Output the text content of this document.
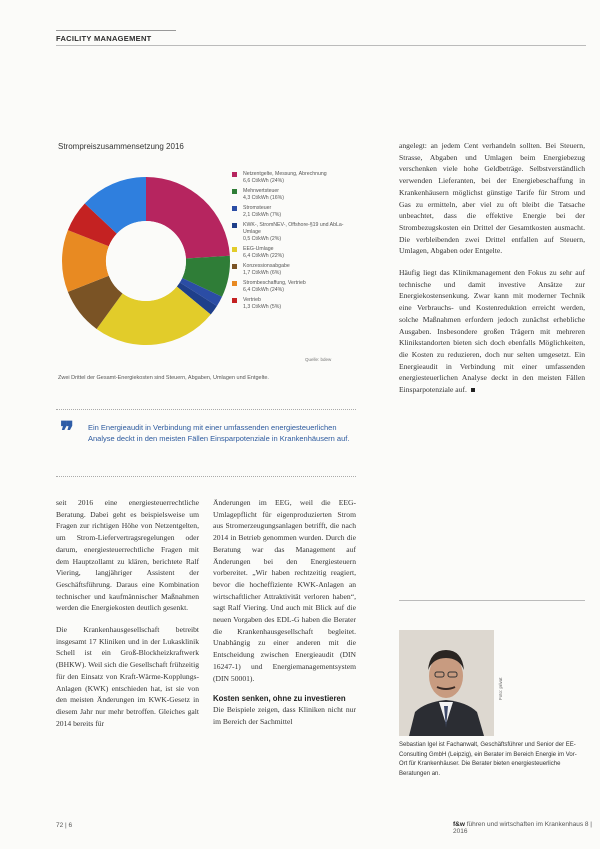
FACILITY MANAGEMENT
Strompreiszusammensetzung 2016
Netzentgelte, Messung, Abrechnung
6,6 Ct/kWh (24%)
Mehrwertsteuer
4,3 Ct/kWh (16%)
Stromsteuer
2,1 Ct/kWh (7%)
KWK-, StromNEV-, Offshore-§19 und AbLa-Umlage
0,5 Ct/kWh (2%)
EEG-Umlage
6,4 Ct/kWh (22%)
Konzessionsabgabe
1,7 Ct/kWh (6%)
Strombeschaffung, Vertrieb
6,4 Ct/kWh (24%)
Vertrieb
1,3 Ct/kWh (5%)
Quelle: bdew
Zwei Drittel der Gesamt-Energiekosten sind Steuern, Abgaben, Umlagen und Entgelte.
❞ Ein Energieaudit in Verbindung mit einer umfassenden energiesteuerlichen Analyse deckt in den meisten Fällen Einsparpotenziale in Krankenhäusern auf.

seit 2016 eine energiesteuerrechtliche Beratung. Dabei geht es beispielsweise um Fragen zur richtigen Höhe von Netzentgelten, um Strom-Liefervertragsregelungen oder darum, energiesteuerrechtliche Fragen mit dem Hauptzollamt zu klären, berichtete Ralf Viering, langjähriger Assistent der Geschäftsführung. Daraus eine Kombination technischer und kaufmännischer Maßnahmen werden die Energiekosten deutlich gesenkt.

Die Krankenhausgesellschaft betreibt insgesamt 17 Kliniken und in der Lukasklinik Schell ist ein Groß-Blockheizkraftwerk (BHKW). Weil sich die Gesellschaft frühzeitig für den Einsatz von Kraft-Wärme-Kopplungs-Anlagen (KWK) entschieden hat, ist sie von den meisten Änderungen im KWK-Gesetz in diesem Jahr nur mehr betroffen. Gleiches galt 2014 bereits für

Änderungen im EEG, weil die EEG-Umlagepflicht für eigenproduzierten Strom aus Stromerzeugungsanlagen betrifft, die nach 2014 in Betrieb genommen wurden. Durch die Beratung war das Management auf Änderungen bei den Energiesteuern vorbereitet. „Wir haben rechtzeitig reagiert, bevor die hocheffiziente KWK-Anlagen an wirtschaftlicher Attraktivität verloren haben“, sagt Ralf Viering. Und auch mit Blick auf die neuen Vorgaben des EDL-G haben die Berater die Krankenhausgesellschaft begleitet. Unabhängig zu einer anderen mit die Entscheidung zwischen Energieaudit (DIN 16247-1) und Energiemanagementsystem (DIN 50001).

Kosten senken, ohne zu investieren

Die Beispiele zeigen, dass Kliniken nicht nur im Bereich der Sachmittel

angelegt: an jedem Cent verhandeln sollten. Bei Steuern, Strasse, Abgaben und Umlagen beim Energiebezug verschenken viele hohe Geldbeträge. Selbstverständlich verwenden Lieferanten, bei der Energiebeschaffung in Krankenhäusern möglichst günstige Tarife für Strom und Gas zu ermitteln, aber viel zu oft bleibt die Tatsache unbeachtet, dass die effektive Energie bei der Strombezugskosten ein Drittel der Gesamtkosten ausmacht. Die verbleibenden zwei Drittel entfallen auf Steuern, Umlagen, Abgaben oder Entgelte.

Häufig liegt das Klinikmanagement den Fokus zu sehr auf technische und damit investive Ansätze zur Energiekostensenkung. Zwar kann mit moderner Technik eine Verbrauchs- und Kostenreduktion erreicht werden, solche Maßnahmen erfordern jedoch zunächst erhebliche Ausgaben. Insbesondere großen Trägern mit mehreren Klinikstandorten bieten sich doch ebenfalls Möglichkeiten, die Kosten zu reduzieren, doch nur selten umgesetzt. Ein Energieaudit in Verbindung mit einer umfassenden energiesteuerlichen Analyse deckt in den meisten Fällen Einsparpotenziale auf.

Foto: privat
Sebastian Igel ist Fachanwalt, Geschäftsführer und Senior der EE-Consulting GmbH (Leipzig), ein Berater im Bereich Energie im Vor-Ort für Krankenhäuser. Die Berater bieten energiesteuerliche Beratungen an.
72 | 6	f&w führen und wirtschaften im Krankenhaus 8 | 2016
